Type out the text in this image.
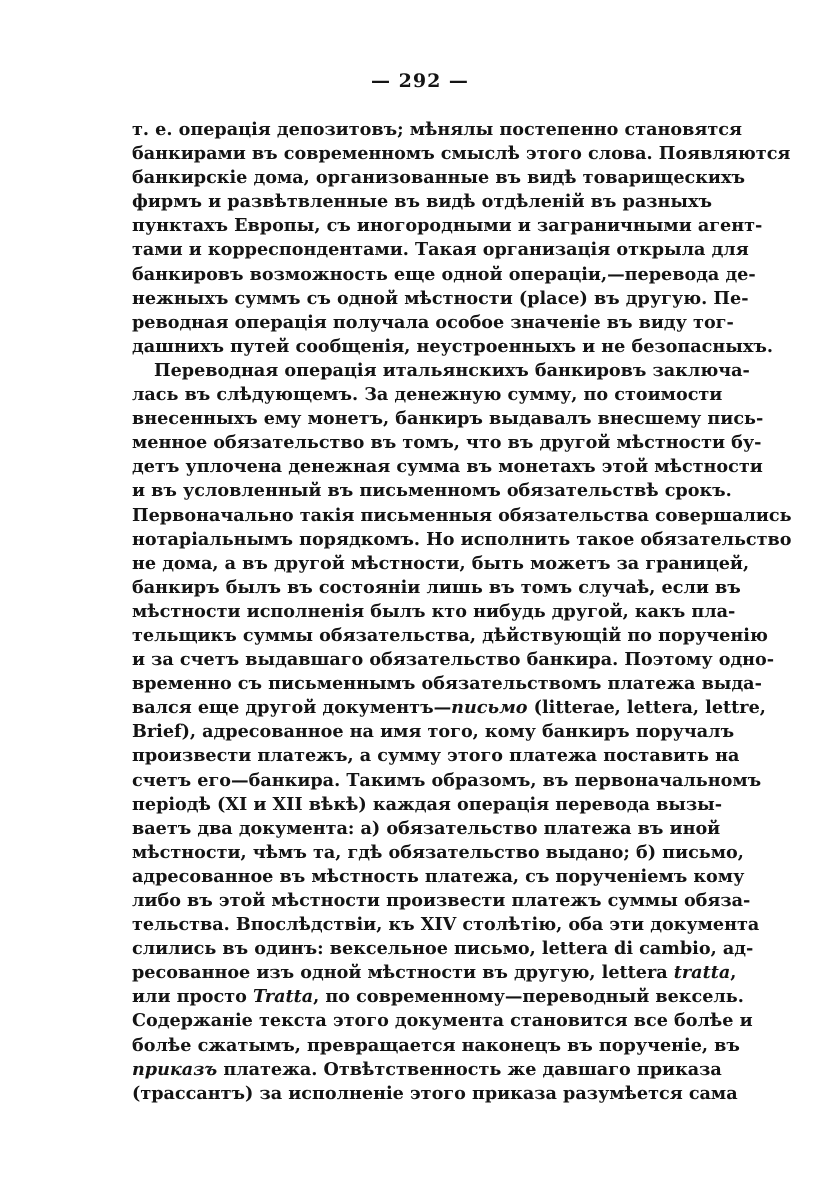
— 292 —
т. е. операція депозитовъ; мѣнялы постепенно становятся
банкирами въ современномъ смыслѣ этого слова. Появляются
банкирскіе дома, организованные въ видѣ товарищескихъ
фирмъ и развѣтвленные въ видѣ отдѣленій въ разныхъ
пунктахъ Европы, съ иногородными и заграничными агент-
тами и корреспондентами. Такая организація открыла для
банкировъ возможность еще одной операціи,—перевода де-
нежныхъ суммъ съ одной мѣстности (place) въ другую. Пе-
реводная операція получала особое значеніе въ виду тог-
дашнихъ путей сообщенія, неустроенныхъ и не безопасныхъ.
Переводная операція итальянскихъ банкировъ заключа-
лась въ слѣдующемъ. За денежную сумму, по стоимости
внесенныхъ ему монетъ, банкиръ выдавалъ внесшему пись-
менное обязательство въ томъ, что въ другой мѣстности бу-
детъ уплочена денежная сумма въ монетахъ этой мѣстности
и въ условленный въ письменномъ обязательствѣ срокъ.
Первоначально такія письменныя обязательства совершались
нотаріальнымъ порядкомъ. Но исполнить такое обязательство
не дома, а въ другой мѣстности, быть можетъ за границей,
банкиръ былъ въ состояніи лишь въ томъ случаѣ, если въ
мѣстности исполненія былъ кто нибудь другой, какъ пла-
тельщикъ суммы обязательства, дѣйствующій по порученію
и за счетъ выдавшаго обязательство банкира. Поэтому одно-
временно съ письменнымъ обязательствомъ платежа выда-
вался еще другой документъ—письмо (litterae, lettera, lettre,
Brief), адресованное на имя того, кому банкиръ поручалъ
произвести платежъ, а сумму этого платежа поставить на
счетъ его—банкира. Такимъ образомъ, въ первоначальномъ
періодѣ (XI и XII вѣкѣ) каждая операція перевода вызы-
ваетъ два документа: а) обязательство платежа въ иной
мѣстности, чѣмъ та, гдѣ обязательство выдано; б) письмо,
адресованное въ мѣстность платежа, съ порученіемъ кому
либо въ этой мѣстности произвести платежъ суммы обяза-
тельства. Впослѣдствіи, къ XIV столѣтію, оба эти документа
слились въ одинъ: вексельное письмо, lettera di cambio, ад-
ресованное изъ одной мѣстности въ другую, lettera tratta,
или просто Tratta, по современному—переводный вексель.
Содержаніе текста этого документа становится все болѣе и
болѣе сжатымъ, превращается наконецъ въ порученіе, въ
приказъ платежа. Отвѣтственность же давшаго приказа
(трассантъ) за исполненіе этого приказа разумѣется сама
